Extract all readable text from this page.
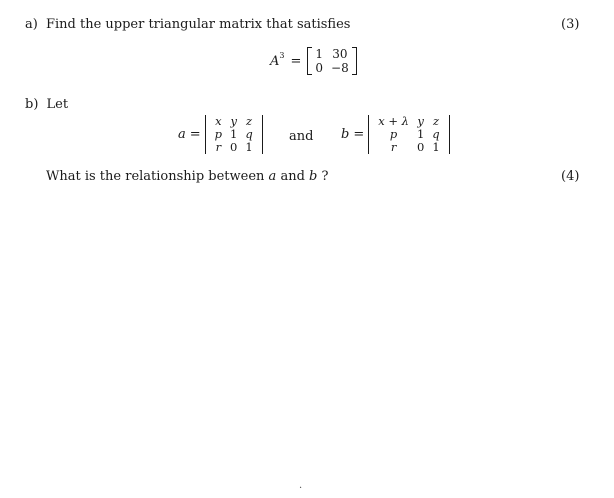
a) Find the upper triangular matrix that satisfies	(3)
$A^3 = 1$	30
0	−8
b) Let
a =
x	y	z
p	1	q
r	0	1
and b =
x + λ	y	z
p	1	q
r	0	1
What is the relationship between a and b ?	(4)
·
